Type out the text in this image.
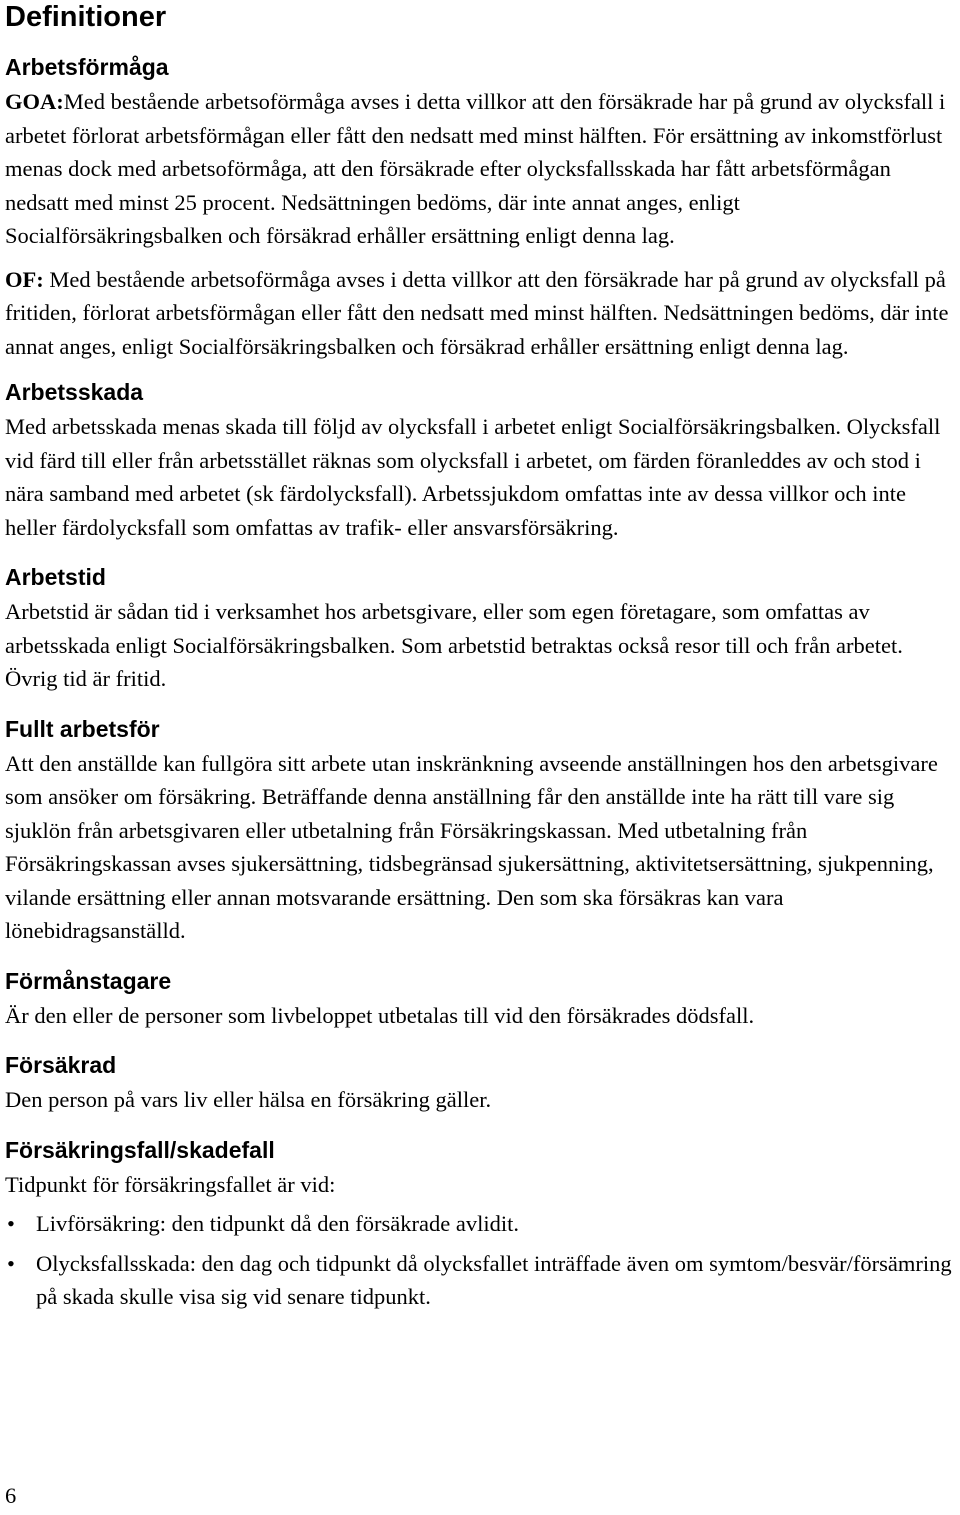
Definitioner
Arbetsförmåga

GOA:Med bestående arbetsoförmåga avses i detta villkor att den försäkrade har på grund av olycksfall i arbetet förlorat arbetsförmågan eller fått den nedsatt med minst hälften. För ersättning av inkomstförlust menas dock med arbetsoförmåga, att den försäkrade efter olycksfallsskada har fått arbetsförmågan nedsatt med minst 25 procent. Nedsättningen bedöms, där inte annat anges, enligt Socialförsäkringsbalken och försäkrad erhåller ersättning enligt denna lag.

OF: Med bestående arbetsoförmåga avses i detta villkor att den försäkrade har på grund av olycksfall på fritiden, förlorat arbetsförmågan eller fått den nedsatt med minst hälften. Nedsättningen bedöms, där inte annat anges, enligt Socialförsäkringsbalken och försäkrad erhåller ersättning enligt denna lag.

Arbetsskada

Med arbetsskada menas skada till följd av olycksfall i arbetet enligt Socialförsäkringsbalken. Olycksfall vid färd till eller från arbetsstället räknas som olycksfall i arbetet, om färden föranleddes av och stod i nära samband med arbetet (sk färdolycksfall). Arbetssjukdom omfattas inte av dessa villkor och inte heller färdolycksfall som omfattas av trafik- eller ansvarsförsäkring.

Arbetstid

Arbetstid är sådan tid i verksamhet hos arbetsgivare, eller som egen företagare, som omfattas av arbetsskada enligt Socialförsäkringsbalken. Som arbetstid betraktas också resor till och från arbetet. Övrig tid är fritid.

Fullt arbetsför

Att den anställde kan fullgöra sitt arbete utan inskränkning avseende anställningen hos den arbetsgivare som ansöker om försäkring. Beträffande denna anställning får den anställde inte ha rätt till vare sig sjuklön från arbetsgivaren eller utbetalning från Försäkringskassan. Med utbetalning från Försäkringskassan avses sjukersättning, tidsbegränsad sjukersättning, aktivitetsersättning, sjukpenning, vilande ersättning eller annan motsvarande ersättning. Den som ska försäkras kan vara lönebidragsanställd.

Förmånstagare

Är den eller de personer som livbeloppet utbetalas till vid den försäkrades dödsfall.

Försäkrad

Den person på vars liv eller hälsa en försäkring gäller.

Försäkringsfall/skadefall

Tidpunkt för försäkringsfallet är vid:

• Livförsäkring: den tidpunkt då den försäkrade avlidit.
• Olycksfallsskada: den dag och tidpunkt då olycksfallet inträffade även om symtom/besvär/försämring på skada skulle visa sig vid senare tidpunkt.
6
